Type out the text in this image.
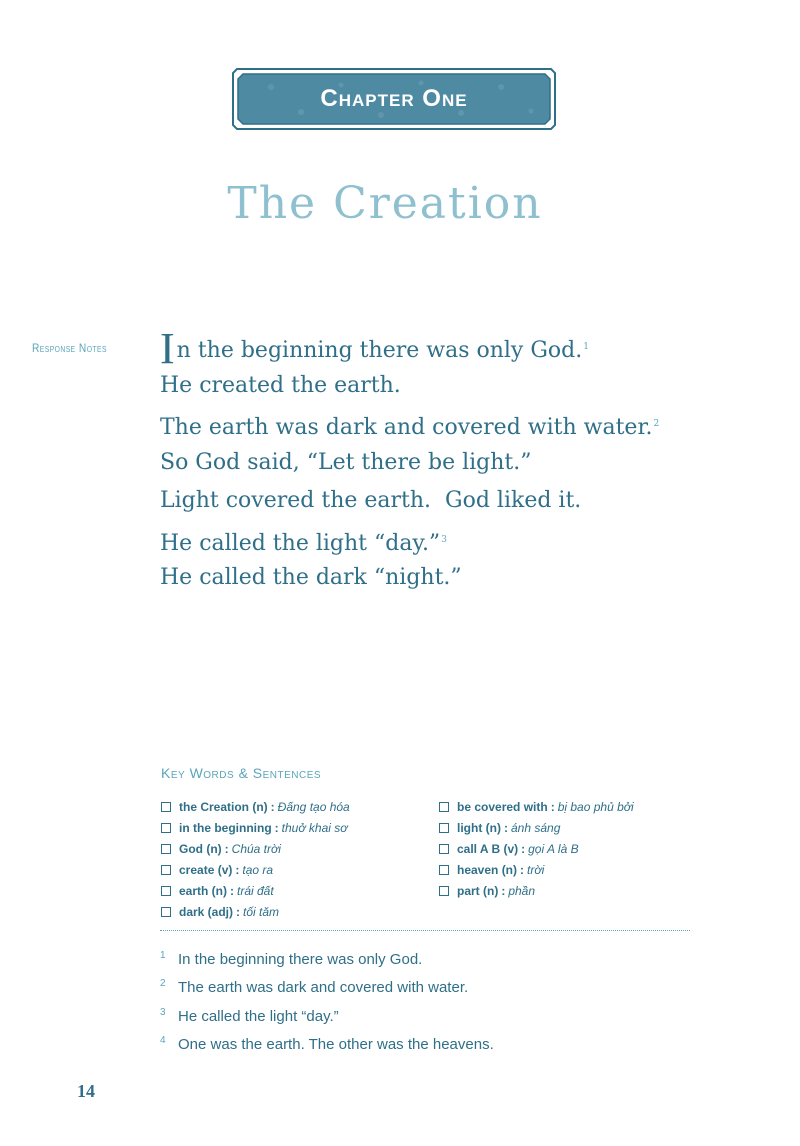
Chapter One
The Creation
Response Notes In the beginning there was only God.$^1$
He created the earth.
The earth was dark and covered with water.$^2$
So God said, “Let there be light.”
Light covered the earth.  God liked it.
He called the light “day.”$^3$
He called the dark “night.”
Key Words & Sentences
the Creation (n) : Đấng tạo hóa
in the beginning : thuở khai sơ
God (n) : Chúa trời
create (v) : tạo ra
earth (n) : trái đất
dark (adj) : tối tăm
be covered with : bị bao phủ bởi
light (n) : ánh sáng
call A B (v) : gọi A là B
heaven (n) : trời
part (n) : phần
1 In the beginning there was only God.
2 The earth was dark and covered with water.
3 He called the light “day.”
4 One was the earth. The other was the heavens.
14
